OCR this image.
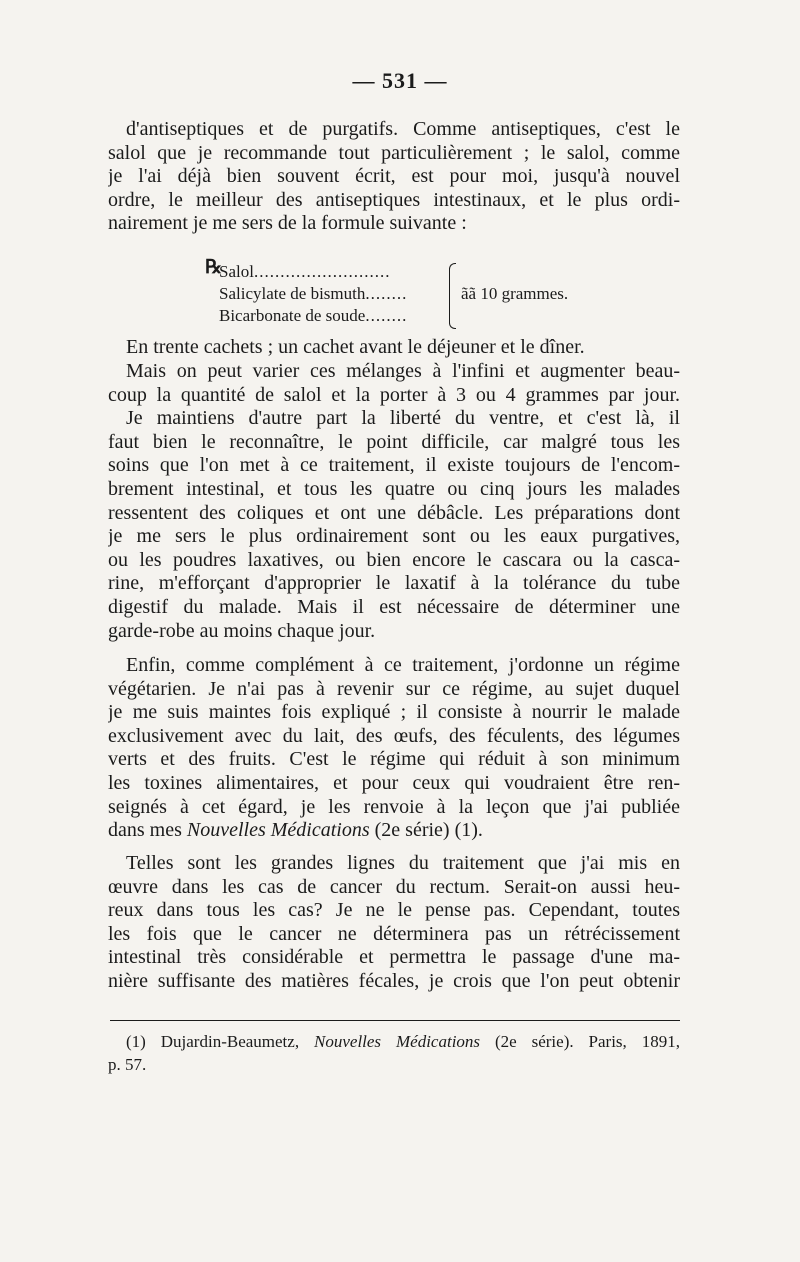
— 531 —
d'antiseptiques et de purgatifs. Comme antiseptiques, c'est le
salol que je recommande tout particulièrement ; le salol, comme
je l'ai déjà bien souvent écrit, est pour moi, jusqu'à nouvel
ordre, le meilleur des antiseptiques intestinaux, et le plus ordi-
nairement je me sers de la formule suivante :
℞
Salol..........................
Salicylate de bismuth........
Bicarbonate de soude........
ãã 10 grammes.
En trente cachets ; un cachet avant le déjeuner et le dîner.
Mais on peut varier ces mélanges à l'infini et augmenter beau-
coup la quantité de salol et la porter à 3 ou 4 grammes par jour.
Je maintiens d'autre part la liberté du ventre, et c'est là, il
faut bien le reconnaître, le point difficile, car malgré tous les
soins que l'on met à ce traitement, il existe toujours de l'encom-
brement intestinal, et tous les quatre ou cinq jours les malades
ressentent des coliques et ont une débâcle. Les préparations dont
je me sers le plus ordinairement sont ou les eaux purgatives,
ou les poudres laxatives, ou bien encore le cascara ou la casca-
rine, m'efforçant d'approprier le laxatif à la tolérance du tube
digestif du malade. Mais il est nécessaire de déterminer une
garde-robe au moins chaque jour.
Enfin, comme complément à ce traitement, j'ordonne un régime
végétarien. Je n'ai pas à revenir sur ce régime, au sujet duquel
je me suis maintes fois expliqué ; il consiste à nourrir le malade
exclusivement avec du lait, des œufs, des féculents, des légumes
verts et des fruits. C'est le régime qui réduit à son minimum
les toxines alimentaires, et pour ceux qui voudraient être ren-
seignés à cet égard, je les renvoie à la leçon que j'ai publiée
dans mes Nouvelles Médications (2e série) (1).
Telles sont les grandes lignes du traitement que j'ai mis en
œuvre dans les cas de cancer du rectum. Serait-on aussi heu-
reux dans tous les cas? Je ne le pense pas. Cependant, toutes
les fois que le cancer ne déterminera pas un rétrécissement
intestinal très considérable et permettra le passage d'une ma-
nière suffisante des matières fécales, je crois que l'on peut obtenir
(1) Dujardin-Beaumetz, Nouvelles Médications (2e série). Paris, 1891,
p. 57.
